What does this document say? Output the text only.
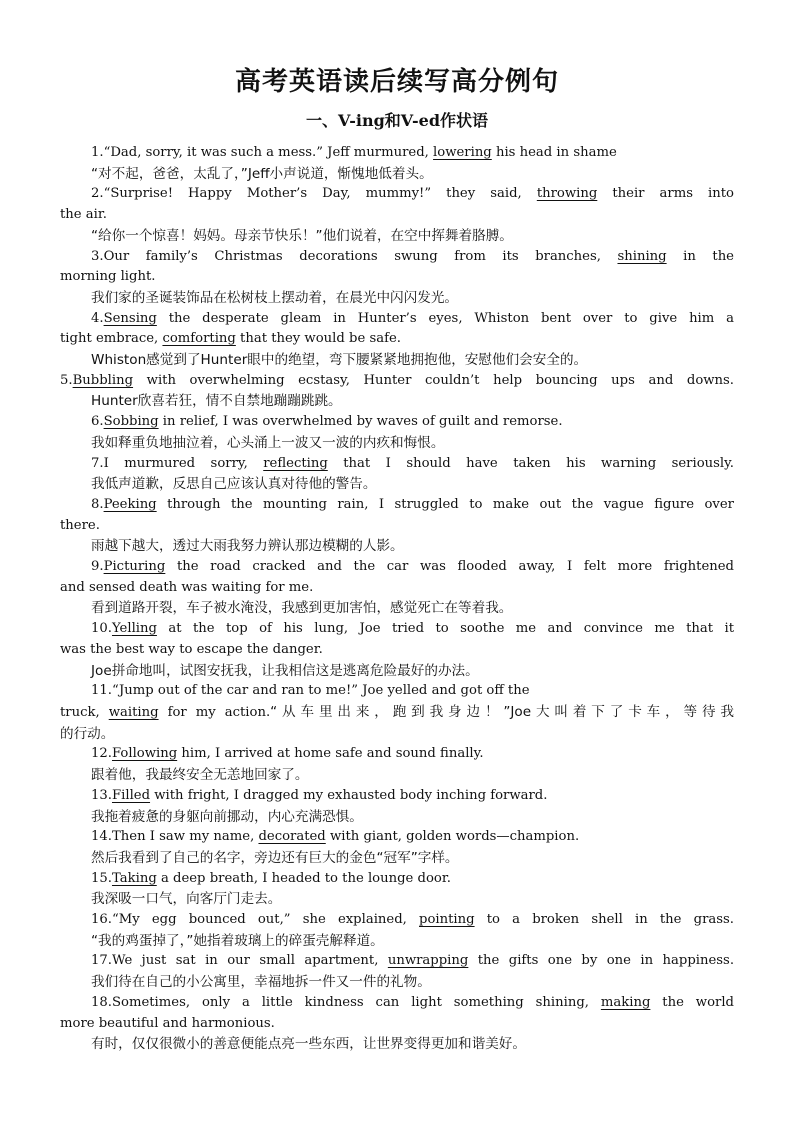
高考英语读后续写高分例句
一、V-ing和V-ed作状语
1.“Dad, sorry, it was such a mess.” Jeff murmured, lowering his head in shame
“对不起，爸爸，太乱了，”Jeff小声说道，惭愧地低着头。
2.“Surprise! Happy Mother’s Day, mummy!” they said, throwing their arms into
the air.
“给你一个惊喜！妈妈。母亲节快乐！”他们说着，在空中挥舞着胳膊。
3.Our family’s Christmas decorations swung from its branches, shining in the
morning light.
我们家的圣诞装饰品在松树枝上摆动着，在晨光中闪闪发光。
4.Sensing the desperate gleam in Hunter’s eyes, Whiston bent over to give him a
tight embrace, comforting that they would be safe.
Whiston感觉到了Hunter眼中的绝望，弯下腰紧紧地拥抱他，安慰他们会安全的。
5.Bubbling with overwhelming ecstasy, Hunter couldn’t help bouncing ups and downs.
Hunter欣喜若狂，情不自禁地蹦蹦跳跳。
6.Sobbing in relief, I was overwhelmed by waves of guilt and remorse.
我如释重负地抽泣着，心头涌上一波又一波的内疚和悔恨。
7.I murmured sorry, reflecting that I should have taken his warning seriously.
我低声道歉，反思自己应该认真对待他的警告。
8.Peeking through the mounting rain, I struggled to make out the vague figure over
there.
雨越下越大，透过大雨我努力辨认那边模糊的人影。
9.Picturing the road cracked and the car was flooded away, I felt more frightened
and sensed death was waiting for me.
看到道路开裂，车子被水淹没，我感到更加害怕，感觉死亡在等着我。
10.Yelling at the top of his lung, Joe tried to soothe me and convince me that it
was the best way to escape the danger.
Joe拼命地叫，试图安抚我，让我相信这是逃离危险最好的办法。
11.“Jump out of the car and ran to me!” Joe yelled and got off the
truck, waiting for my action.“从车里出来，跑到我身边！”Joe大叫着下了卡车，等待我
的行动。
12.Following him, I arrived at home safe and sound finally.
跟着他，我最终安全无恙地回家了。
13.Filled with fright, I dragged my exhausted body inching forward.
我拖着疲惫的身躯向前挪动，内心充满恐惧。
14.Then I saw my name, decorated with giant, golden words—champion.
然后我看到了自己的名字，旁边还有巨大的金色“冠军”字样。
15.Taking a deep breath, I headed to the lounge door.
我深吸一口气，向客厅门走去。
16.“My egg bounced out,” she explained, pointing to a broken shell in the grass.
“我的鸡蛋掉了，”她指着玻璃上的碎蛋壳解释道。
17.We just sat in our small apartment, unwrapping the gifts one by one in happiness.
我们待在自己的小公寓里，幸福地拆一件又一件的礼物。
18.Sometimes, only a little kindness can light something shining, making the world
more beautiful and harmonious.
有时，仅仅很微小的善意便能点亮一些东西，让世界变得更加和谐美好。
